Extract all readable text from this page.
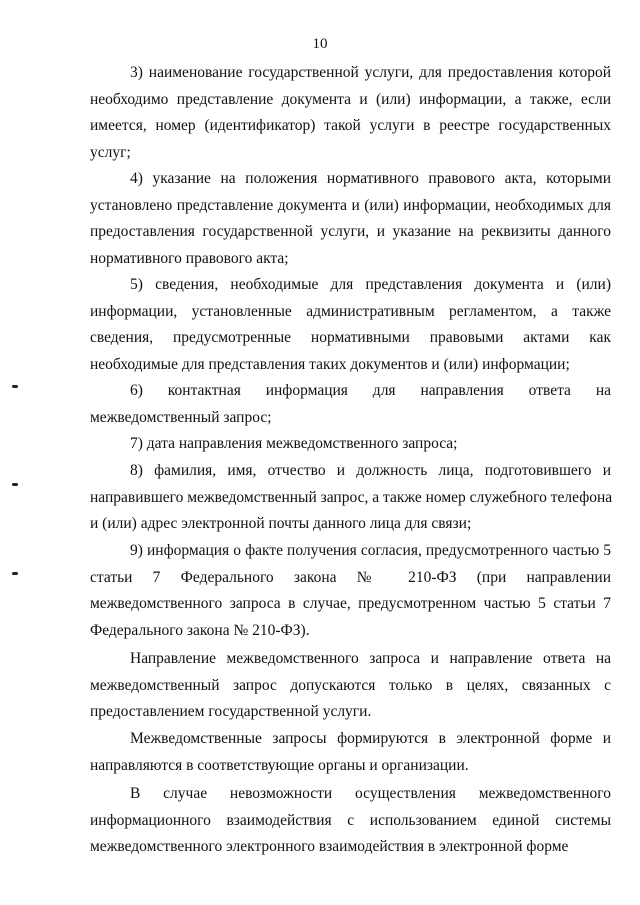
10
3) наименование государственной услуги, для предоставления которой
необходимо представление документа и (или) информации, а также, если
имеется, номер (идентификатор) такой услуги в реестре государственных
услуг;
4) указание на положения нормативного правового акта, которыми
установлено представление документа и (или) информации, необходимых для
предоставления государственной услуги, и указание на реквизиты данного
нормативного правового акта;
5) сведения, необходимые для представления документа и (или)
информации, установленные административным регламентом, а также
сведения, предусмотренные нормативными правовыми актами как
необходимые для представления таких документов и (или) информации;
6) контактная информация для направления ответа на
межведомственный запрос;
7) дата направления межведомственного запроса;
8) фамилия, имя, отчество и должность лица, подготовившего и
направившего межведомственный запрос, а также номер служебного телефона
и (или) адрес электронной почты данного лица для связи;
9) информация о факте получения согласия, предусмотренного частью 5
статьи 7 Федерального закона № 210-ФЗ (при направлении
межведомственного запроса в случае, предусмотренном частью 5 статьи 7
Федерального закона № 210-ФЗ).
Направление межведомственного запроса и направление ответа на
межведомственный запрос допускаются только в целях, связанных с
предоставлением государственной услуги.
Межведомственные запросы формируются в электронной форме и
направляются в соответствующие органы и организации.
В случае невозможности осуществления межведомственного
информационного взаимодействия с использованием единой системы
межведомственного электронного взаимодействия в электронной форме
